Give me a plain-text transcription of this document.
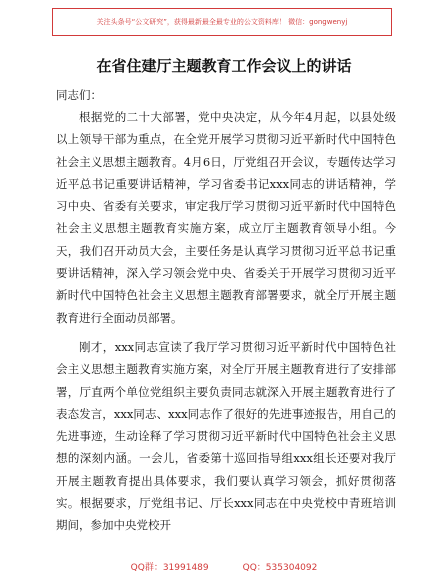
关注头条号“公文研究”，获得最新最全最专业的公文资料库！ 微信：gongwenyj
在省住建厅主题教育工作会议上的讲话
同志们：

根据党的二十大部署，党中央决定，从今年4月起，以县处级以上领导干部为重点，在全党开展学习贯彻习近平新时代中国特色社会主义思想主题教育。4月6日，厅党组召开会议，专题传达学习近平总书记重要讲话精神，学习省委书记xxx同志的讲话精神，学习中央、省委有关要求，审定我厅学习贯彻习近平新时代中国特色社会主义思想主题教育实施方案，成立厅主题教育领导小组。今天，我们召开动员大会，主要任务是认真学习贯彻习近平总书记重要讲话精神，深入学习领会党中央、省委关于开展学习贯彻习近平新时代中国特色社会主义思想主题教育部署要求，就全厅开展主题教育进行全面动员部署。

刚才，xxx同志宣读了我厅学习贯彻习近平新时代中国特色社会主义思想主题教育实施方案，对全厅开展主题教育进行了安排部署，厅直两个单位党组织主要负责同志就深入开展主题教育进行了表态发言，xxx同志、xxx同志作了很好的先进事迹报告，用自己的先进事迹，生动诠释了学习贯彻习近平新时代中国特色社会主义思想的深刻内涵。一会儿，省委第十巡回指导组xxx组长还要对我厅开展主题教育提出具体要求，我们要认真学习领会，抓好贯彻落实。根据要求，厅党组书记、厅长xxx同志在中央党校中青班培训期间，参加中央党校开

QQ群：31991489	QQ：535304092
